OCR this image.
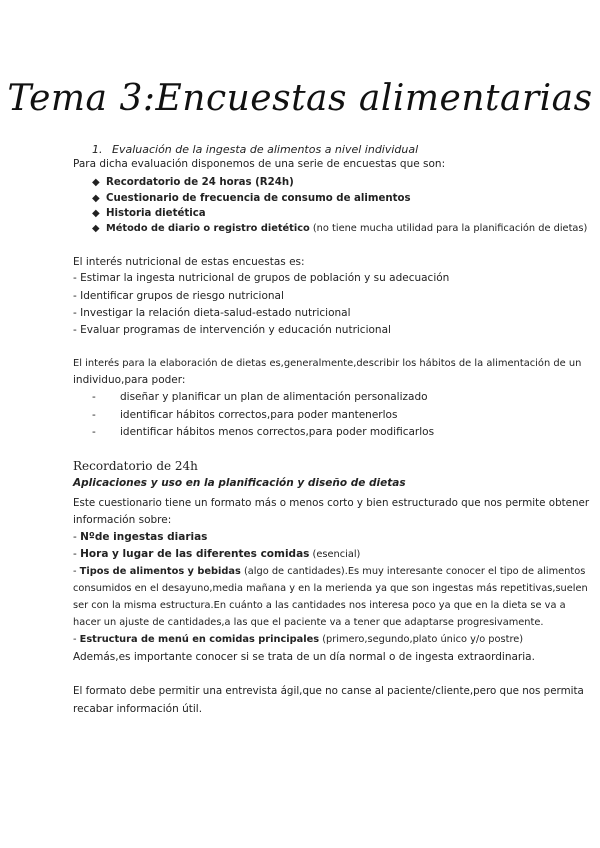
Tema 3:Encuestas alimentarias
1. Evaluación de la ingesta de alimentos a nivel individual
Para dicha evaluación disponemos de una serie de encuestas que son:
◆ Recordatorio de 24 horas (R24h)
◆ Cuestionario de frecuencia de consumo de alimentos
◆ Historia dietética
◆ Método de diario o registro dietético (no tiene mucha utilidad para la planificación de dietas)
El interés nutricional de estas encuestas es:
- Estimar la ingesta nutricional de grupos de población y su adecuación
- Identificar grupos de riesgo nutricional
- Investigar la relación dieta-salud-estado nutricional
- Evaluar programas de intervención y educación nutricional
El interés para la elaboración de dietas es,generalmente,describir los hábitos de la alimentación de un
individuo,para poder:
- diseñar y planificar un plan de alimentación personalizado
- identificar hábitos correctos,para poder mantenerlos
- identificar hábitos menos correctos,para poder modificarlos
Recordatorio de 24h
Aplicaciones y uso en la planificación y diseño de dietas
Este cuestionario tiene un formato más o menos corto y bien estructurado que nos permite obtener
información sobre:
- Nºde ingestas diarias
- Hora y lugar de las diferentes comidas (esencial)
- Tipos de alimentos y bebidas (algo de cantidades).Es muy interesante conocer el tipo de alimentos
consumidos en el desayuno,media mañana y en la merienda ya que son ingestas más repetitivas,suelen
ser con la misma estructura.En cuánto a las cantidades nos interesa poco ya que en la dieta se va a
hacer un ajuste de cantidades,a las que el paciente va a tener que adaptarse progresivamente.
- Estructura de menú en comidas principales (primero,segundo,plato único y/o postre)
Además,es importante conocer si se trata de un día normal o de ingesta extraordinaria.
El formato debe permitir una entrevista ágil,que no canse al paciente/cliente,pero que nos permita
recabar información útil.
